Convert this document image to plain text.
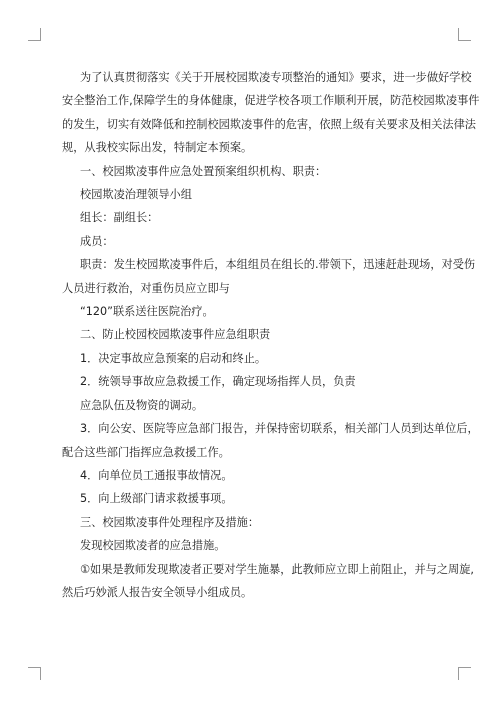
为了认真贯彻落实《关于开展校园欺凌专项整治的通知》要求，进一步做好学校

安全整治工作,保障学生的身体健康，促进学校各项工作顺利开展，防范校园欺凌事件

的发生，切实有效降低和控制校园欺凌事件的危害，依照上级有关要求及相关法律法

规，从我校实际出发，特制定本预案。

一、校园欺凌事件应急处置预案组织机构、职责：

校园欺凌治理领导小组

组长：副组长：

成员：

职责：发生校园欺凌事件后，本组组员在组长的.带领下，迅速赶赴现场，对受伤

人员进行救治，对重伤员应立即与

“120”联系送往医院治疗。

二、防止校园校园欺凌事件应急组职责

1．决定事故应急预案的启动和终止。

2．统领导事故应急救援工作，确定现场指挥人员，负责

应急队伍及物资的调动。

3．向公安、医院等应急部门报告，并保持密切联系，相关部门人员到达单位后，

配合这些部门指挥应急救援工作。

4．向单位员工通报事故情况。

5．向上级部门请求救援事项。

三、校园欺凌事件处理程序及措施：

发现校园欺凌者的应急措施。

①如果是教师发现欺凌者正要对学生施暴，此教师应立即上前阻止，并与之周旋,

然后巧妙派人报告安全领导小组成员。
